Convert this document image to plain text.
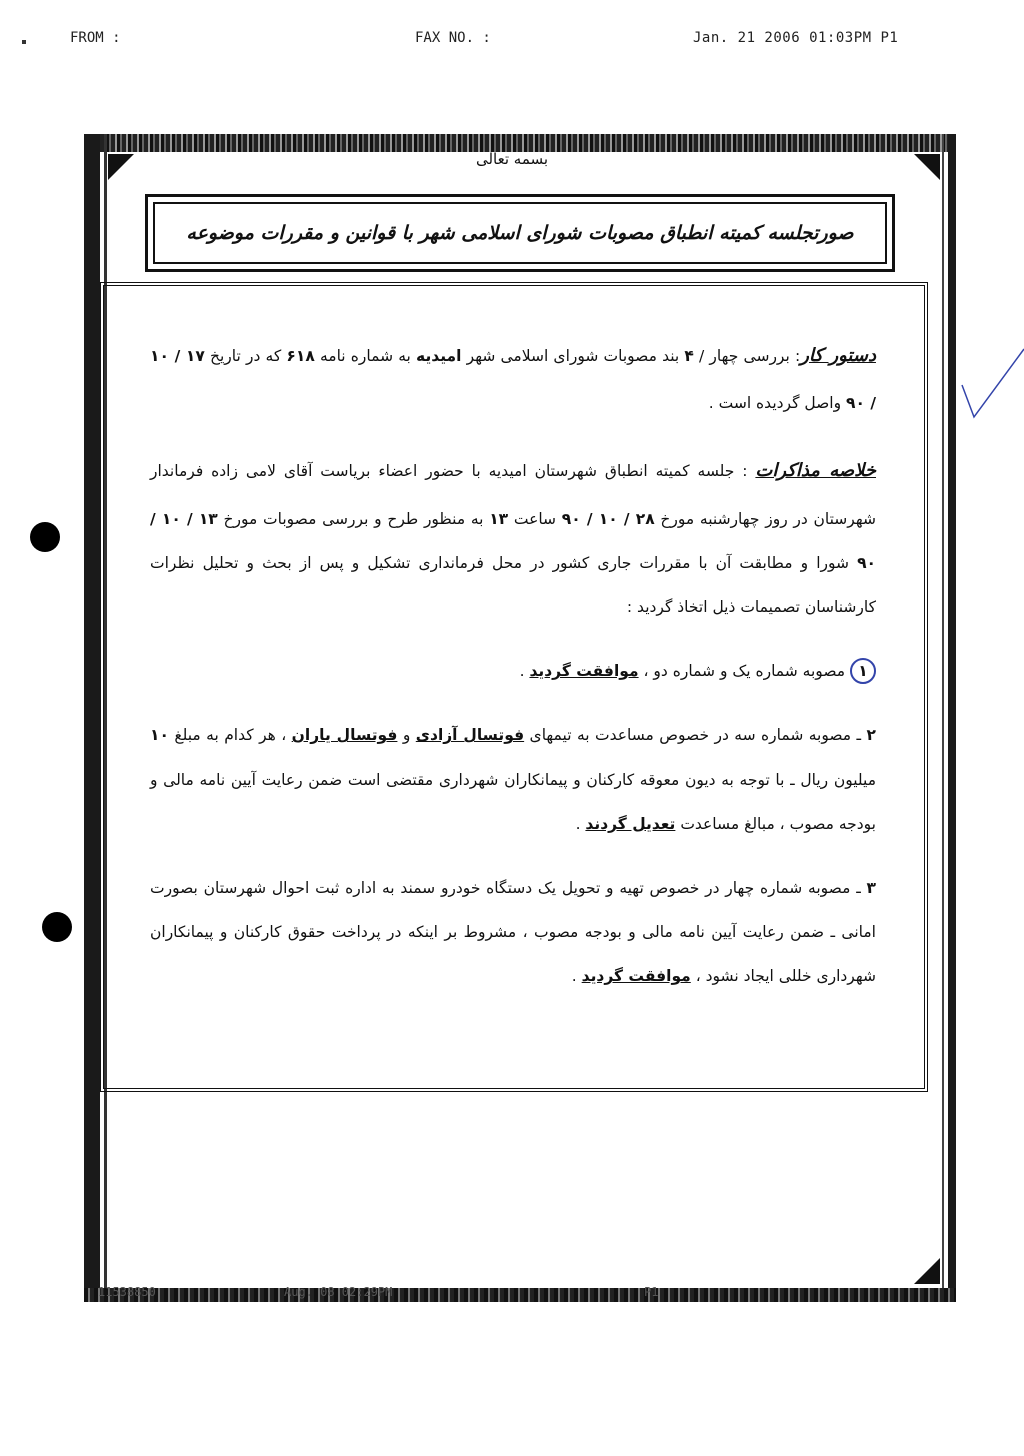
FROM :	FAX NO. :	Jan. 21 2006 01:03PM P1
بسمه تعالی
صورتجلسه کمیته انطباق مصوبات شورای اسلامی شهر با قوانین و مقررات موضوعه

دستور کار: بررسی چهار / ۴ بند مصوبات شورای اسلامی شهر امیدیه به شماره نامه ۶۱۸ که در تاریخ ۱۷ / ۱۰ / ۹۰ واصل گردیده است .

خلاصه مذاکرات : جلسه کمیته انطباق شهرستان امیدیه با حضور اعضاء بریاست آقای لامی زاده فرماندار شهرستان در روز چهارشنبه مورخ ۲۸ / ۱۰ / ۹۰ ساعت ۱۳ به منظور طرح و بررسی مصوبات مورخ ۱۳ / ۱۰ / ۹۰ شورا و مطابقت آن با مقررات جاری کشور در محل فرمانداری تشکیل و پس از بحث و تحلیل نظرات کارشناسان تصمیمات ذیل اتخاذ گردید :

۱ مصوبه شماره یک و شماره دو ، موافقت گردید .

۲ ـ مصوبه شماره سه در خصوص مساعدت به تیمهای فوتسال آزادی و فوتسال یاران ، هر کدام به مبلغ ۱۰ میلیون ریال ـ با توجه به دیون معوقه کارکنان و پیمانکاران شهرداری مقتضی است ضمن رعایت آیین نامه مالی و بودجه مصوب ، مبالغ مساعدت تعدیل گردند .

۳ ـ مصوبه شماره چهار در خصوص تهیه و تحویل یک دستگاه خودرو سمند به اداره ثبت احوال شهرستان بصورت امانی ـ ضمن رعایت آیین نامه مالی و بودجه مصوب ، مشروط بر اینکه در پرداخت حقوق کارکنان و پیمانکاران شهرداری خللی ایجاد نشود ، موافقت گردید .

11538850	Aug. 08 02:29PM	P1
